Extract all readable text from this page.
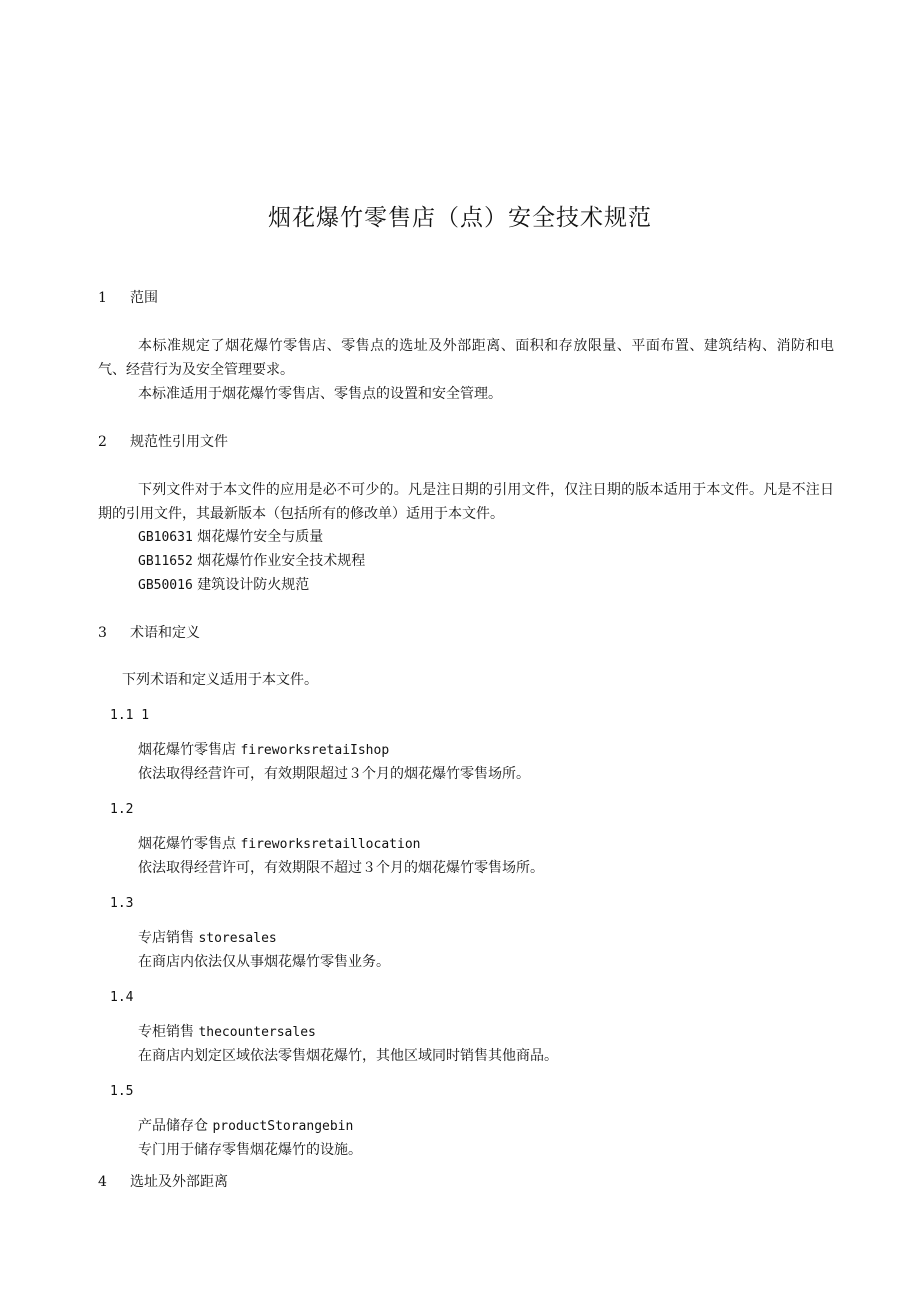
烟花爆竹零售店（点）安全技术规范
1	范围

本标准规定了烟花爆竹零售店、零售点的选址及外部距离、面积和存放限量、平面布置、建筑结构、消防和电气、经营行为及安全管理要求。

本标准适用于烟花爆竹零售店、零售点的设置和安全管理。

2	规范性引用文件

下列文件对于本文件的应用是必不可少的。凡是注日期的引用文件，仅注日期的版本适用于本文件。凡是不注日期的引用文件，其最新版本（包括所有的修改单）适用于本文件。

GB10631 烟花爆竹安全与质量
GB11652 烟花爆竹作业安全技术规程
GB50016 建筑设计防火规范
3	术语和定义

下列术语和定义适用于本文件。

1.1 1

烟花爆竹零售店 fireworksretaiIshop

依法取得经营许可，有效期限超过３个月的烟花爆竹零售场所。

1.2

烟花爆竹零售点 fireworksretaillocation

依法取得经营许可，有效期限不超过３个月的烟花爆竹零售场所。

1.3

专店销售 storesales

在商店内依法仅从事烟花爆竹零售业务。

1.4

专柜销售 thecountersales

在商店内划定区域依法零售烟花爆竹，其他区域同时销售其他商品。

1.5

产品储存仓 productStorangebin

专门用于储存零售烟花爆竹的设施。

4	选址及外部距离
